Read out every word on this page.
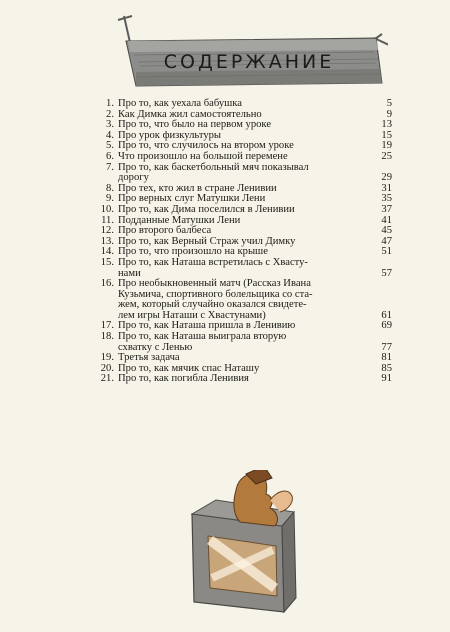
СОДЕРЖАНИЕ
1. Про то, как уехала бабушка	5
2. Как Димка жил самостоятельно	9
3. Про то, что было на первом уроке	13
4. Про урок физкультуры	15
5. Про то, что случилось на втором уроке	19
6. Что произошло на большой перемене	25
7. Про то, как баскетбольный мяч показывал
дорогу	29
8. Про тех, кто жил в стране Ленивии	31
9. Про верных слуг Матушки Лени	35
10. Про то, как Дима поселился в Ленивии	37
11. Подданные Матушки Лени	41
12. Про второго балбеса	45
13. Про то, как Верный Страж учил Димку	47
14. Про то, что произошло на крыше	51
15. Про то, как Наташа встретилась с Хвасту-
нами	57
16. Про необыкновенный матч (Рассказ Ивана
Кузьмича, спортивного болельщика со ста-
жем, который случайно оказался свидете-
лем игры Наташи с Хвастунами)	61
17. Про то, как Наташа пришла в Ленивию	69
18. Про то, как Наташа выиграла вторую
схватку с Ленью	77
19. Третья задача	81
20. Про то, как мячик спас Наташу	85
21. Про то, как погибла Ленивия	91
